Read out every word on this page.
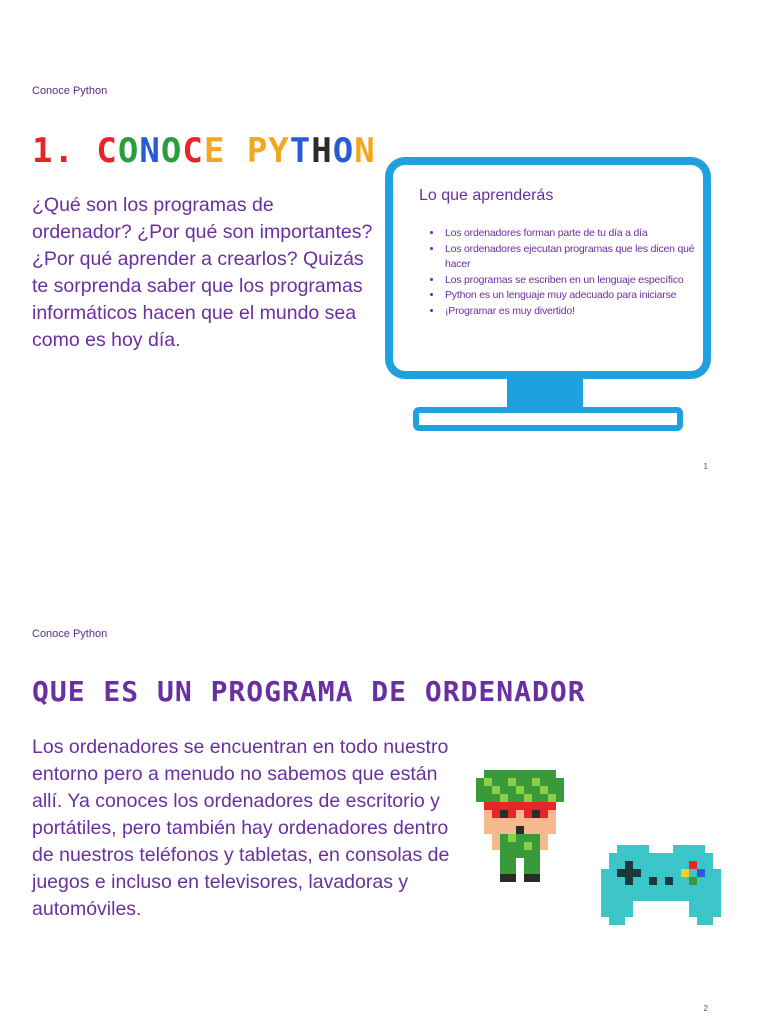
Conoce Python
1. CONOCE PYTHON

¿Qué son los programas de ordenador? ¿Por qué son importantes? ¿Por qué aprender a crearlos? Quizás te sorprenda saber que los programas informáticos hacen que el mundo sea como es hoy día.

Lo que aprenderás
• Los ordenadores forman parte de tu día a día
• Los ordenadores ejecutan programas que les dicen qué hacer
• Los programas se escriben en un lenguaje específico
• Python es un lenguaje muy adecuado para iniciarse
• ¡Programar es muy divertido!
1
Conoce Python
QUE ES UN PROGRAMA DE ORDENADOR

Los ordenadores se encuentran en todo nuestro entorno pero a menudo no sabemos que están allí. Ya conoces los ordenadores de escritorio y portátiles, pero también hay ordenadores dentro de nuestros teléfonos y tabletas, en consolas de juegos e incluso en televisores, lavadoras y automóviles.

2
